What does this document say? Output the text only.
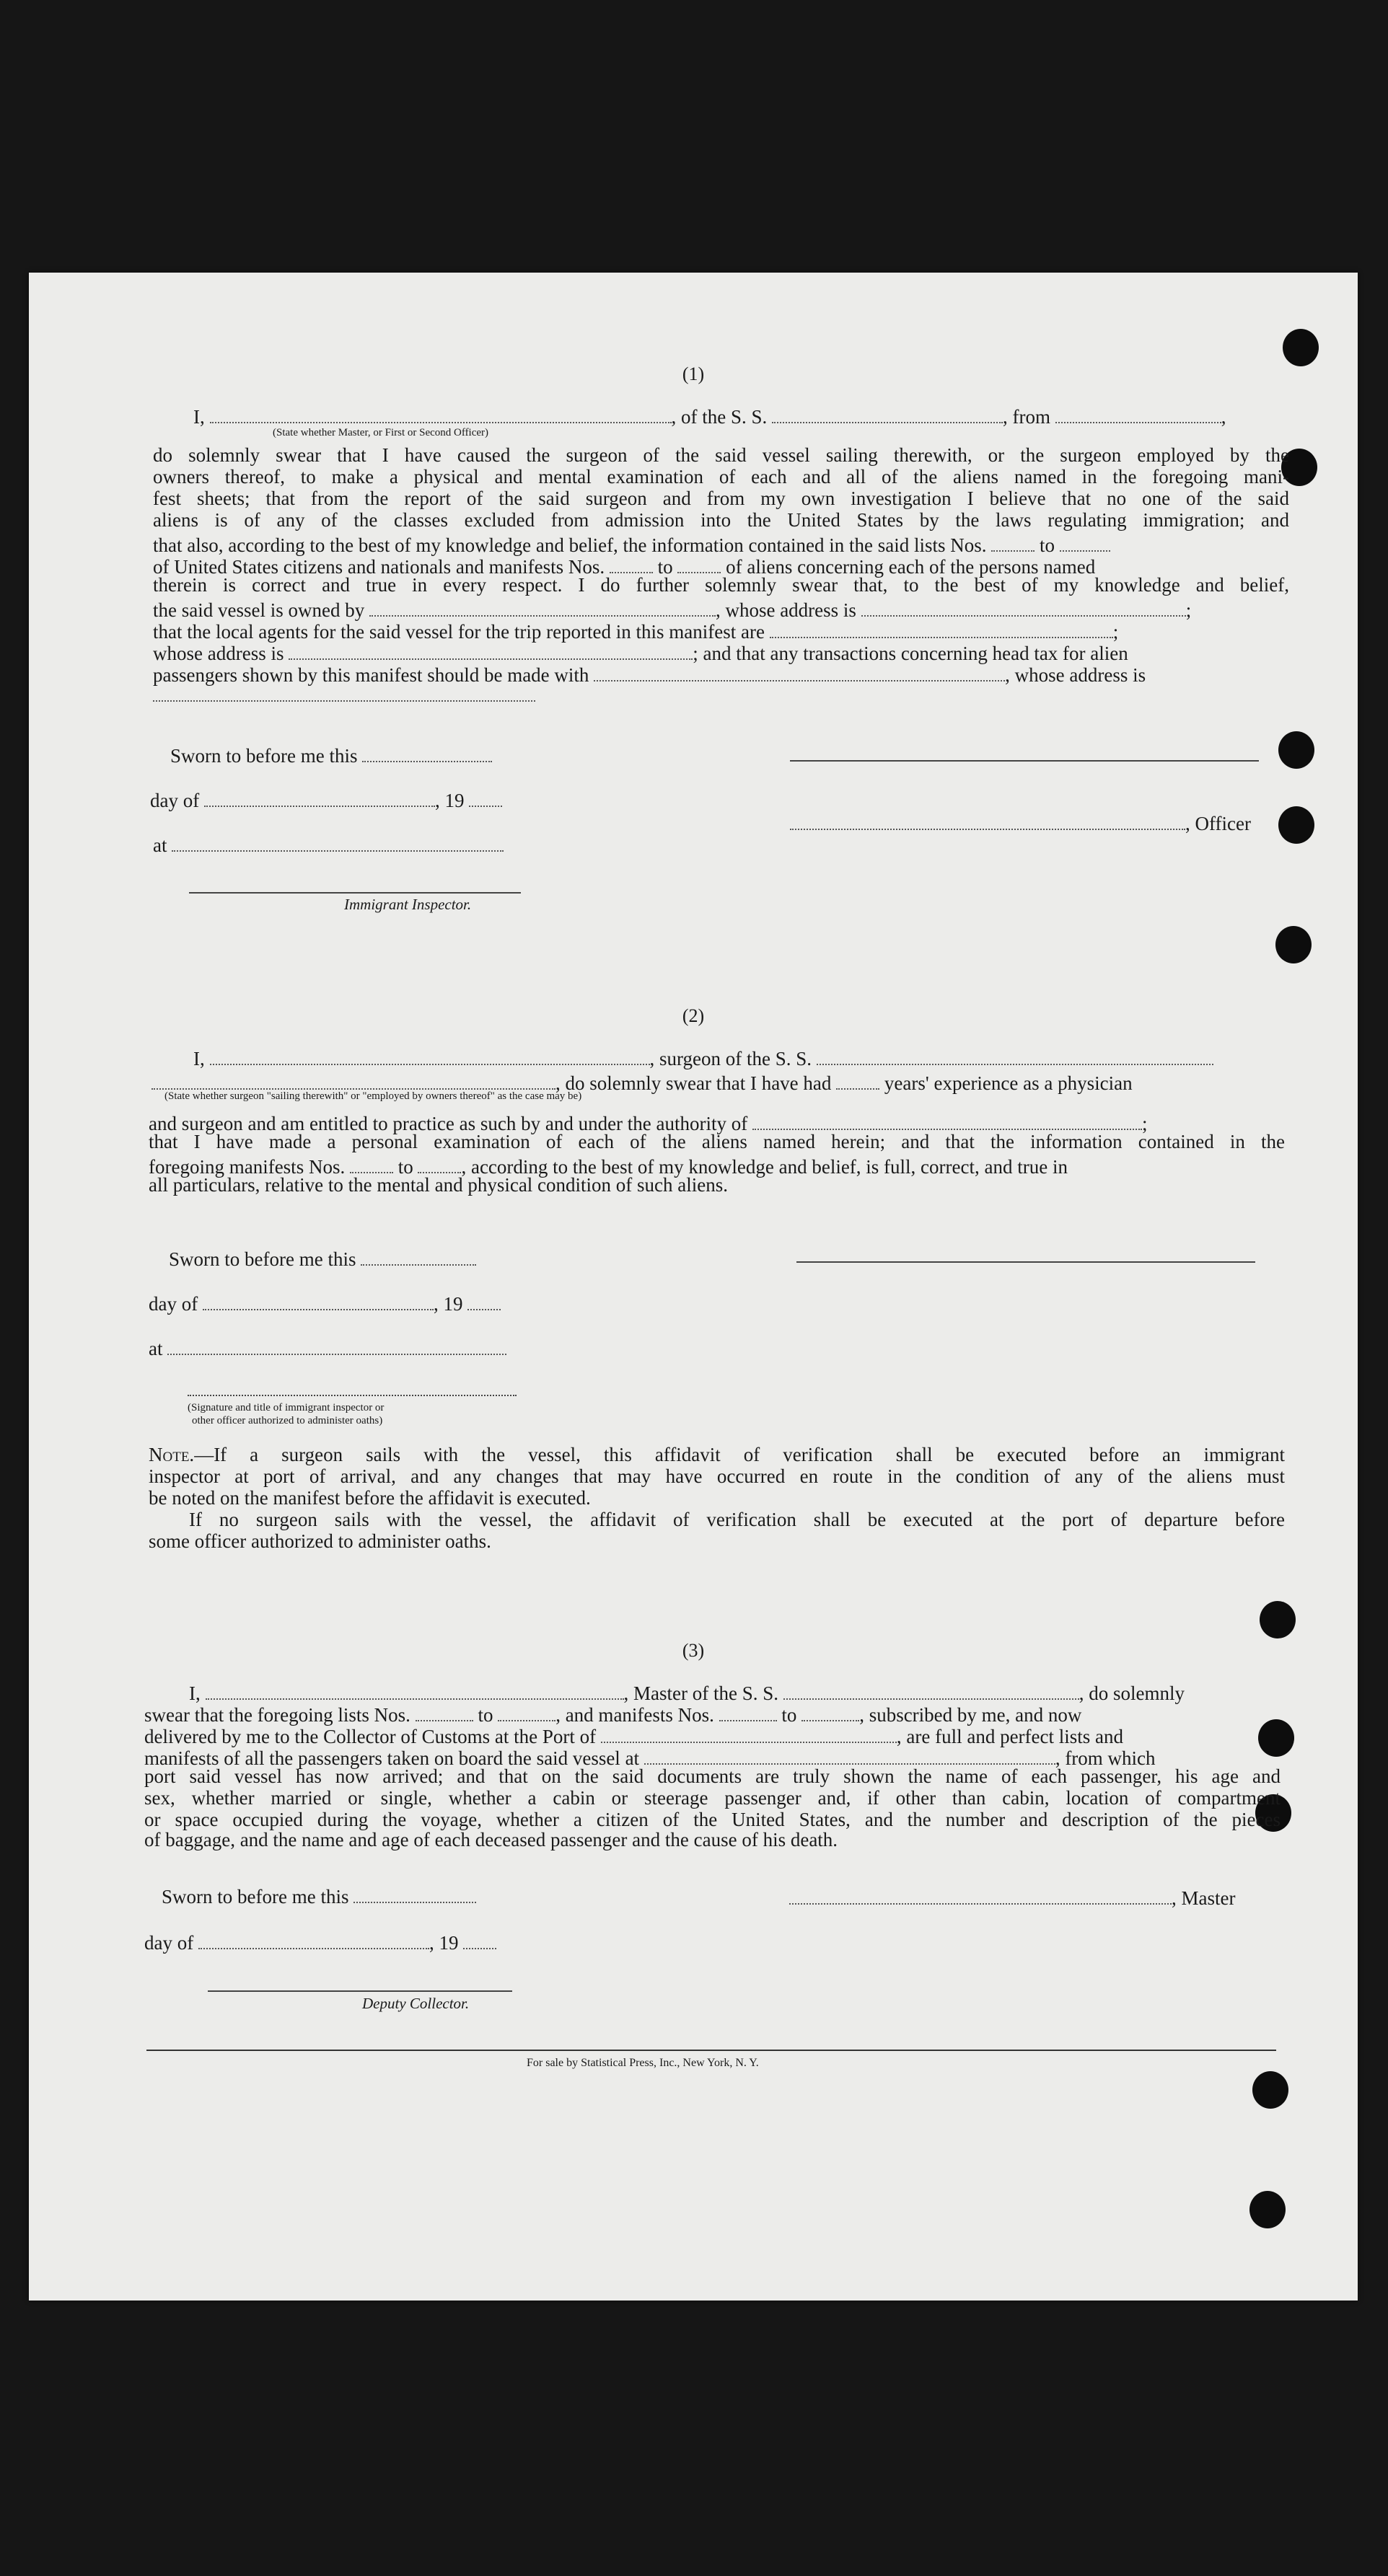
(1)
I,	, of the S. S.	, from	,
(State whether Master, or First or Second Officer)
do solemnly swear that I have caused the surgeon of the said vessel sailing therewith, or the surgeon employed by the
owners thereof, to make a physical and mental examination of each and all of the aliens named in the foregoing mani-
fest sheets; that from the report of the said surgeon and from my own investigation I believe that no one of the said
aliens is of any of the classes excluded from admission into the United States by the laws regulating immigration; and
that also, according to the best of my knowledge and belief, the information contained in the said lists Nos.	to
of United States citizens and nationals and manifests Nos.	to	of aliens concerning each of the persons named
therein is correct and true in every respect. I do further solemnly swear that, to the best of my knowledge and belief,
the said vessel is owned by	, whose address is	;
that the local agents for the said vessel for the trip reported in this manifest are	;
whose address is	; and that any transactions concerning head tax for alien
passengers shown by this manifest should be made with	, whose address is
Sworn to before me this
day of	, 19
, Officer
at
Immigrant Inspector.
(2)
I,	, surgeon of the S. S.
, do solemnly swear that I have had	years' experience as a physician
(State whether surgeon "sailing therewith" or "employed by owners thereof" as the case may be)
and surgeon and am entitled to practice as such by and under the authority of	;
that I have made a personal examination of each of the aliens named herein; and that the information contained in the
foregoing manifests Nos.	to , according to the best of my knowledge and belief, is full, correct, and true in
all particulars, relative to the mental and physical condition of such aliens.
Sworn to before me this
day of	, 19
at
(Signature and title of immigrant inspector or
other officer authorized to administer oaths)
Note.—If a surgeon sails with the vessel, this affidavit of verification shall be executed before an immigrant
inspector at port of arrival, and any changes that may have occurred en route in the condition of any of the aliens must
be noted on the manifest before the affidavit is executed.
If no surgeon sails with the vessel, the affidavit of verification shall be executed at the port of departure before
some officer authorized to administer oaths.
(3)
I,	, Master of the S. S.	, do solemnly
swear that the foregoing lists Nos.	to	, and manifests Nos.	to	, subscribed by me, and now
delivered by me to the Collector of Customs at the Port of	, are full and perfect lists and
manifests of all the passengers taken on board the said vessel at	, from which
port said vessel has now arrived; and that on the said documents are truly shown the name of each passenger, his age and
sex, whether married or single, whether a cabin or steerage passenger and, if other than cabin, location of compartment
or space occupied during the voyage, whether a citizen of the United States, and the number and description of the pieces
of baggage, and the name and age of each deceased passenger and the cause of his death.
Sworn to before me this	, Master
day of	, 19
Deputy Collector.
For sale by Statistical Press, Inc., New York, N. Y.
